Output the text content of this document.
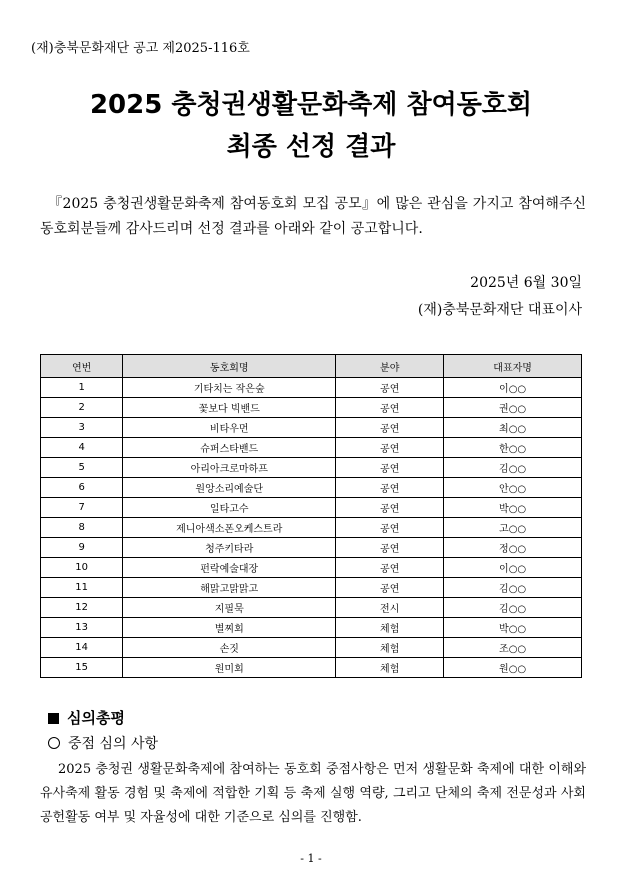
(재)충북문화재단 공고 제2025-116호
2025 충청권생활문화축제 참여동호회
최종 선정 결과
『2025 충청권생활문화축제 참여동호회 모집 공모』에 많은 관심을 가지고 참여해주신 동호회분들께 감사드리며 선정 결과를 아래와 같이 공고합니다.
2025년 6월 30일
(재)충북문화재단 대표이사
연번	동호회명	분야	대표자명
1	기타치는 작은숲	공연	이○○
2	꽃보다 빅밴드	공연	권○○
3	비타우먼	공연	최○○
4	슈퍼스타밴드	공연	한○○
5	아리아크로마하프	공연	김○○
6	원앙소리예술단	공연	안○○
7	일타고수	공연	박○○
8	제니아색소폰오케스트라	공연	고○○
9	청주키타라	공연	정○○
10	펀락예술대장	공연	이○○
11	해맑고맑맑고	공연	김○○
12	지필묵	전시	김○○
13	별찌회	체험	박○○
14	손짓	체험	조○○
15	원미회	체험	원○○
심의총평
중점 심의 사항
2025 충청권 생활문화축제에 참여하는 동호회 중점사항은 먼저 생활문화 축제에 대한 이해와 유사축제 활동 경험 및 축제에 적합한 기획 등 축제 실행 역량, 그리고 단체의 축제 전문성과 사회공헌활동 여부 및 자율성에 대한 기준으로 심의를 진행함.
- 1 -
